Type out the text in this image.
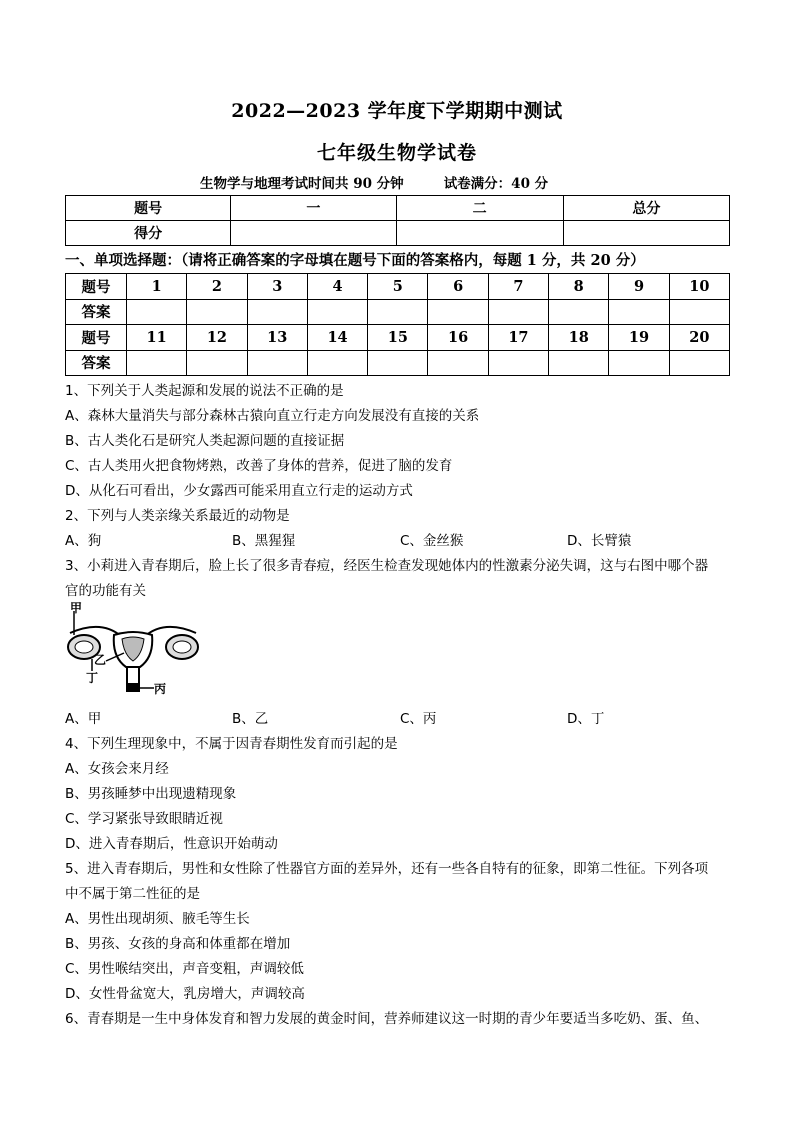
2022—2023 学年度下学期期中测试
七年级生物学试卷
生物学与地理考试时间共 90 分钟	试卷满分：40 分
题号	一	二	总分
得分			
一、单项选择题：（请将正确答案的字母填在题号下面的答案格内，每题 1 分，共 20 分）
题号	1	2	3	4	5	6	7	8	9	10
答案										
题号	11	12	13	14	15	16	17	18	19	20
答案										
1、下列关于人类起源和发展的说法不正确的是
A、森林大量消失与部分森林古猿向直立行走方向发展没有直接的关系
B、古人类化石是研究人类起源问题的直接证据
C、古人类用火把食物烤熟，改善了身体的营养，促进了脑的发育
D、从化石可看出，少女露西可能采用直立行走的运动方式
2、下列与人类亲缘关系最近的动物是
A、狗	B、黑猩猩	C、金丝猴	D、长臂猿
3、小莉进入青春期后，脸上长了很多青春痘，经医生检查发现她体内的性激素分泌失调，这与右图中哪个器
官的功能有关
甲
乙
丁
丙
A、甲	B、乙	C、丙	D、丁
4、下列生理现象中，不属于因青春期性发育而引起的是
A、女孩会来月经
B、男孩睡梦中出现遗精现象
C、学习紧张导致眼睛近视
D、进入青春期后，性意识开始萌动
5、进入青春期后，男性和女性除了性器官方面的差异外，还有一些各自特有的征象，即第二性征。下列各项
中不属于第二性征的是
A、男性出现胡须、腋毛等生长
B、男孩、女孩的身高和体重都在增加
C、男性喉结突出，声音变粗，声调较低
D、女性骨盆宽大，乳房增大，声调较高
6、青春期是一生中身体发育和智力发展的黄金时间，营养师建议这一时期的青少年要适当多吃奶、蛋、鱼、
